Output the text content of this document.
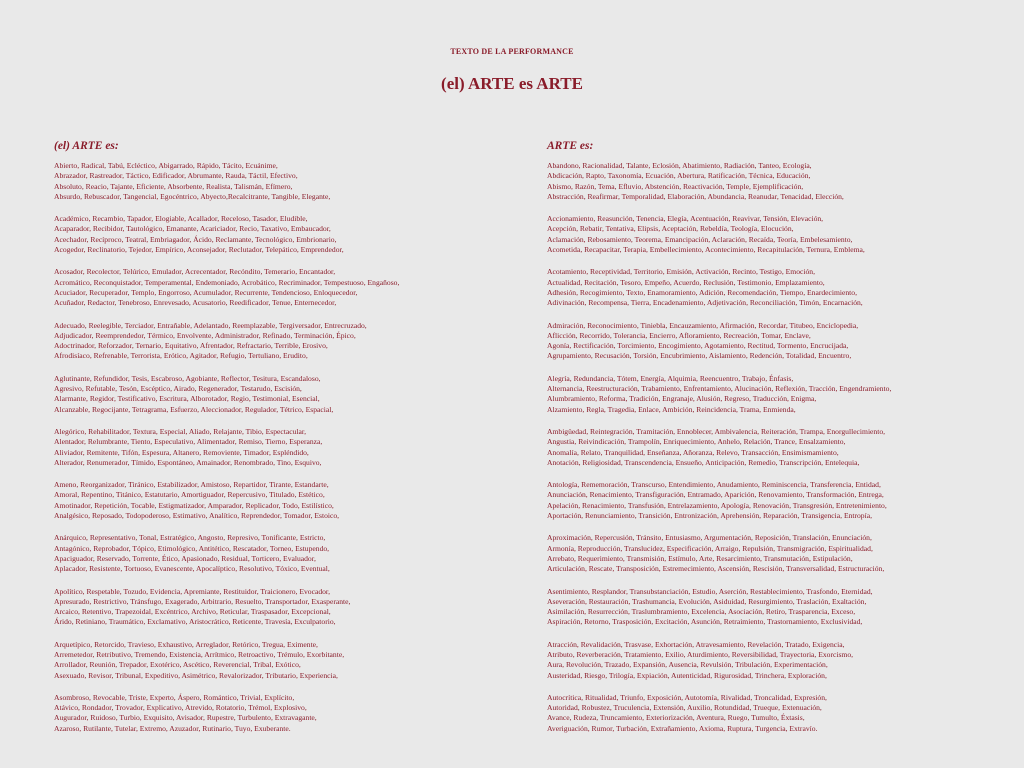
TEXTO DE LA PERFORMANCE
(el) ARTE es ARTE
(el) ARTE es:
Abierto, Radical, Tabú, Ecléctico, Abigarrado, Rápido, Tácito, Ecuánime,
Abrazador, Rastreador, Táctico, Edificador, Abrumante, Rauda, Táctil, Efectivo,
Absoluto, Reacio, Tajante, Eficiente, Absorbente, Realista, Talismán, Efímero,
Absurdo, Rebuscador, Tangencial, Egocéntrico, Abyecto,Recalcitrante, Tangible, Elegante,
Académico, Recambio, Tapador, Elogiable, Acallador, Receloso, Tasador, Eludible,
Acaparador, Recibidor, Tautológico, Emanante, Acariciador, Recio, Taxativo, Embaucador,
Acechador, Recíproco, Teatral, Embriagador, Ácido, Reclamante, Tecnológico, Embrionario,
Acogedor, Reclinatorio, Tejedor, Empírico, Aconsejador, Reclutador, Telepático, Emprendedor,
Acosador, Recolector, Telúrico, Emulador, Acrecentador, Recóndito, Temerario, Encantador,
Acromático, Reconquistador, Temperamental, Endemoniado, Acrobático, Recriminador, Tempestuoso, Engañoso,
Acuciador, Recuperador, Templo, Engorroso, Acumulador, Recurrente, Tendencioso, Enloquecedor,
Acuñador, Redactor, Tenebroso, Enrevesado, Acusatorio, Reedificador, Tenue, Enternecedor,
Adecuado, Reelegible, Terciador, Entrañable, Adelantado, Reemplazable, Tergiversador, Entrecruzado,
Adjudicador, Reemprendedor, Térmico, Envolvente, Administrador, Refinado, Terminación, Épico,
Adoctrinador, Reforzador, Ternario, Equitativo, Afrentador, Refractario, Terrible, Erosivo,
Afrodisíaco, Refrenable, Terrorista, Erótico, Agitador, Refugio, Tertuliano, Erudito,
Aglutinante, Refundidor, Tesis, Escabroso, Agobiante, Reflector, Tesitura, Escandaloso,
Agresivo, Refutable, Tesón, Escéptico, Airado, Regenerador, Testarudo, Escisión,
Alarmante, Regidor, Testificativo, Escritura, Alborotador, Regio, Testimonial, Esencial,
Alcanzable, Regocijante, Tetragrama, Esfuerzo, Aleccionador, Regulador, Tétrico, Espacial,
Alegórico, Rehabilitador, Textura, Especial, Aliado, Relajante, Tibio, Espectacular,
Alentador, Relumbrante, Tiento, Especulativo, Alimentador, Remiso, Tierno, Esperanza,
Aliviador, Remitente, Tifón, Espesura, Altanero, Removiente, Timador, Espléndido,
Alterador, Renumerador, Tímido, Espontáneo, Amainador, Renombrado, Tino, Esquivo,
Ameno, Reorganizador, Tiránico, Estabilizador, Amistoso, Repartidor, Tirante, Estandarte,
Amoral, Repentino, Titánico, Estatutario, Amortiguador, Repercusivo, Titulado, Estético,
Amotinador, Repetición, Tocable, Estigmatizador, Amparador, Replicador, Todo, Estilístico,
Analgésico, Reposado, Todopoderoso, Estimativo, Analítico, Reprendedor, Tomador, Estoico,
Anárquico, Representativo, Tonal, Estratégico, Angosto, Represivo, Tonificante, Estricto,
Antagónico, Reprobador, Tópico, Etimológico, Antitético, Rescatador, Torneo, Estupendo,
Apaciguador, Reservado, Torrente, Ético, Apasionado, Residual, Torticero, Evaluador,
Aplacador, Resistente, Tortuoso, Evanescente, Apocalíptico, Resolutivo, Tóxico, Eventual,
Apolítico, Respetable, Tozudo, Evidencia, Apremiante, Restituidor, Traicionero, Evocador,
Apresurado, Restrictivo, Tránsfugo, Exagerado, Arbitrario, Resuelto, Transportador, Exasperante,
Arcaico, Retentivo, Trapezoidal, Excéntrico, Archivo, Reticular, Traspasador, Excepcional,
Árido, Retiniano, Traumático, Exclamativo, Aristocrático, Reticente, Travesía, Exculpatorio,
Arquetípico, Retorcido, Travieso, Exhaustivo, Arreglador, Retórico, Tregua, Eximente,
Arremetedor, Retributivo, Tremendo, Existencia, Arrítmico, Retroactivo, Trémulo, Exorbitante,
Arrollador, Reunión, Trepador, Exotérico, Ascético, Reverencial, Tribal, Exótico,
Asexuado, Revisor, Tribunal, Expeditivo, Asimétrico, Revalorizador, Tributario, Experiencia,
Asombroso, Revocable, Triste, Experto, Áspero, Romántico, Trivial, Explícito,
Atávico, Rondador, Trovador, Explicativo, Atrevido, Rotatorio, Trémol, Explosivo,
Augurador, Ruidoso, Turbio, Exquisito, Avisador, Rupestre, Turbulento, Extravagante,
Azaroso, Rutilante, Tutelar, Extremo, Azuzador, Rutinario, Tuyo, Exuberante.
ARTE es:
Abandono, Racionalidad, Talante, Eclosión, Abatimiento, Radiación, Tanteo, Ecología,
Abdicación, Rapto, Taxonomía, Ecuación, Abertura, Ratificación, Técnica, Educación,
Abismo, Razón, Tema, Efluvio, Abstención, Reactivación, Temple, Ejemplificación,
Abstracción, Reafirmar, Temporalidad, Elaboración, Abundancia, Reanudar, Tenacidad, Elección,
Accionamiento, Reasunción, Tenencia, Elegía, Acentuación, Reavivar, Tensión, Elevación,
Acepción, Rebatir, Tentativa, Elipsis, Aceptación, Rebeldía, Teología, Elocución,
Aclamación, Rebosamiento, Teorema, Emancipación, Aclaración, Recaída, Teoría, Embelesamiento,
Acometida, Recapacitar, Terapia, Embellecimiento, Acontecimiento, Recapitulación, Ternura, Emblema,
Acotamiento, Receptividad, Territorio, Emisión, Activación, Recinto, Testigo, Emoción,
Actualidad, Recitación, Tesoro, Empeño, Acuerdo, Reclusión, Testimonio, Emplazamiento,
Adhesión, Recogimiento, Texto, Enamoramiento, Adición, Recomendación, Tiempo, Enardecimiento,
Adivinación, Recompensa, Tierra, Encadenamiento, Adjetivación, Reconciliación, Timón, Encarnación,
Admiración, Reconocimiento, Tiniebla, Encauzamiento, Afirmación, Recordar, Titubeo, Enciclopedia,
Aflicción, Recorrido, Tolerancia, Encierro, Afloramiento, Recreación, Tomar, Enclave,
Agonía, Rectificación, Torcimiento, Encogimiento, Agotamiento, Rectitud, Tormento, Encrucijada,
Agrupamiento, Recusación, Torsión, Encubrimiento, Aislamiento, Redención, Totalidad, Encuentro,
Alegría, Redundancia, Tótem, Energía, Alquimia, Reencuentro, Trabajo, Énfasis,
Alternancia, Reestructuración, Trabamiento, Enfrentamiento, Alucinación, Reflexión, Tracción, Engendramiento,
Alumbramiento, Reforma, Tradición, Engranaje, Alusión, Regreso, Traducción, Enigma,
Alzamiento, Regla, Tragedia, Enlace, Ambición, Reincidencia, Trama, Enmienda,
Ambigüedad, Reintegración, Tramitación, Ennoblecer, Ambivalencia, Reiteración, Trampa, Enorgullecimiento,
Angustia, Reivindicación, Trampolín, Enriquecimiento, Anhelo, Relación, Trance, Ensalzamiento,
Anomalía, Relato, Tranquilidad, Enseñanza, Añoranza, Relevo, Transacción, Ensimismamiento,
Anotación, Religiosidad, Transcendencia, Ensueño, Anticipación, Remedio, Transcripción, Entelequia,
Antología, Rememoración, Transcurso, Entendimiento, Anudamiento, Reminiscencia, Transferencia, Entidad,
Anunciación, Renacimiento, Transfiguración, Entramado, Aparición, Renovamiento, Transformación, Entrega,
Apelación, Renacimiento, Transfusión, Entrelazamiento, Apología, Renovación, Transgresión, Entretenimiento,
Aportación, Renunciamiento, Transición, Entronización, Aprehensión, Reparación, Transigencia, Entropía,
Aproximación, Repercusión, Tránsito, Entusiasmo, Argumentación, Reposición, Translación, Enunciación,
Armonía, Reproducción, Translucidez, Especificación, Arraigo, Repulsión, Transmigración, Espiritualidad,
Arrebato, Requerimiento, Transmisión, Estímulo, Arte, Resarcimiento, Transmutación, Estipulación,
Articulación, Rescate, Transposición, Estremecimiento, Ascensión, Rescisión, Transversalidad, Estructuración,
Asentimiento, Resplandor, Transubstanciación, Estudio, Aserción, Restablecimiento, Trasfondo, Eternidad,
Aseveración, Restauración, Trashumancia, Evolución, Asiduidad, Resurgimiento, Traslación, Exaltación,
Asimilación, Resurrección, Traslumbramiento, Excelencia, Asociación, Retiro, Trasparencia, Exceso,
Aspiración, Retorno, Trasposición, Excitación, Asunción, Retraimiento, Trastornamiento, Exclusividad,
Atracción, Revalidación, Trasvase, Exhortación, Atravesamiento, Revelación, Tratado, Exigencia,
Atributo, Reverberación, Tratamiento, Exilio, Aturdimiento, Reversibilidad, Trayectoria, Exorcismo,
Aura, Revolución, Trazado, Expansión, Ausencia, Revulsión, Tribulación, Experimentación,
Austeridad, Riesgo, Trilogía, Expiación, Autenticidad, Rigurosidad, Trinchera, Exploración,
Autocrítica, Ritualidad, Triunfo, Exposición, Autotomía, Rivalidad, Troncalidad, Expresión,
Autoridad, Robustez, Truculencia, Extensión, Auxilio, Rotundidad, Trueque, Extenuación,
Avance, Rudeza, Truncamiento, Exteriorización, Aventura, Ruego, Tumulto, Éxtasis,
Averiguación, Rumor, Turbación, Extrañamiento, Axioma, Ruptura, Turgencia, Extravío.
